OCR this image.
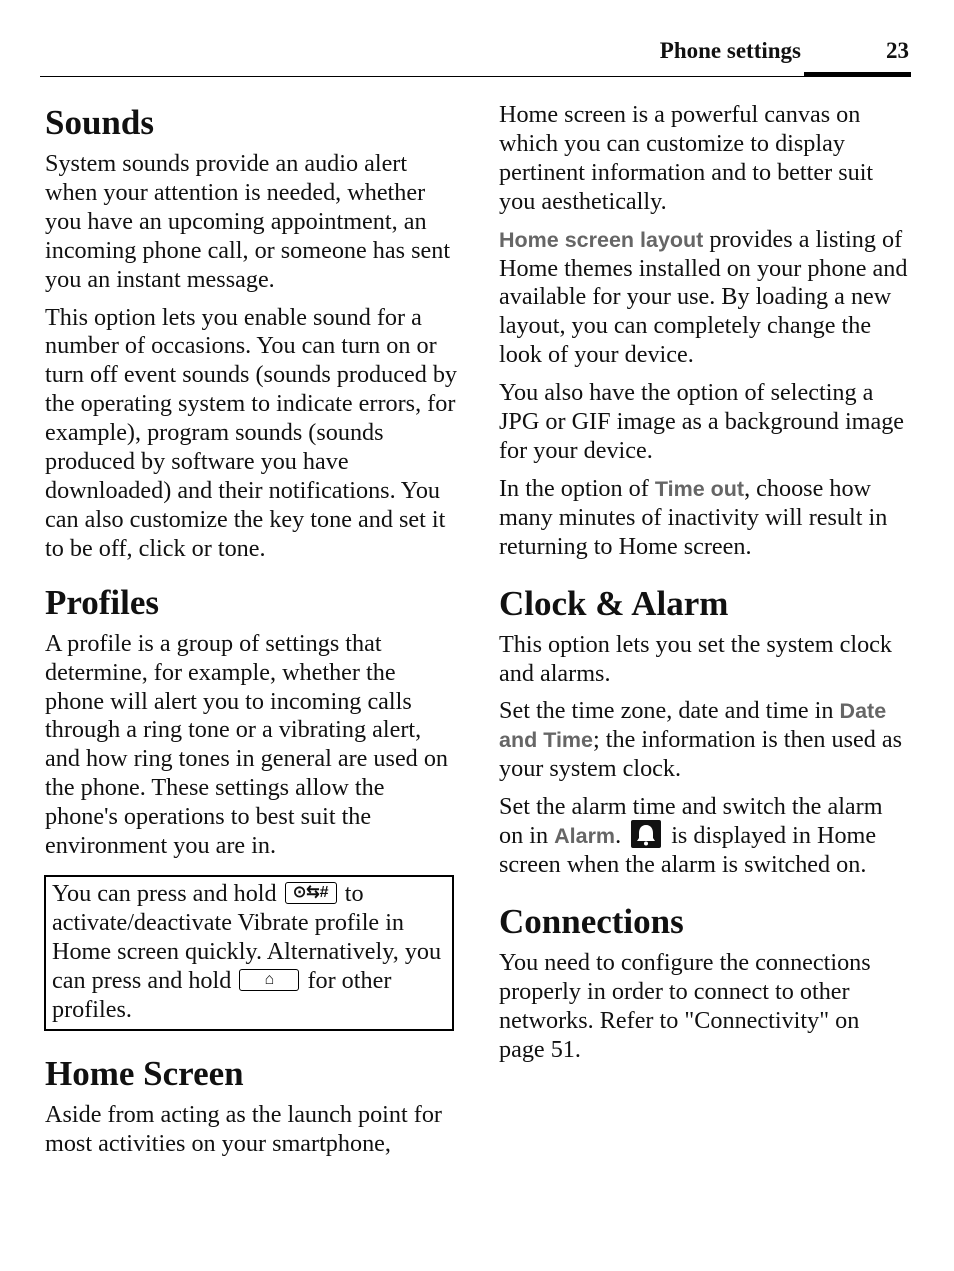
Phone settings	23
Sounds

System sounds provide an audio alert when your attention is needed, whether you have an upcoming appointment, an incoming phone call, or someone has sent you an instant message.

This option lets you enable sound for a number of occasions. You can turn on or turn off event sounds (sounds produced by the operating system to indicate errors, for example), program sounds (sounds produced by software you have downloaded) and their notifications. You can also customize the key tone and set it to be off, click or tone.

Profiles

A profile is a group of settings that determine, for example, whether the phone will alert you to incoming calls through a ring tone or a vibrating alert, and how ring tones in general are used on the phone. These settings allow the phone's operations to best suit the environment you are in.

You can press and hold ⊙⇆# to activate/deactivate Vibrate profile in Home screen quickly. Alternatively, you can press and hold ⌂ for other profiles.

Home Screen

Aside from acting as the launch point for most activities on your smartphone,

Home screen is a powerful canvas on which you can customize to display pertinent information and to better suit you aesthetically.

Home screen layout provides a listing of Home themes installed on your phone and available for your use. By loading a new layout, you can completely change the look of your device.

You also have the option of selecting a JPG or GIF image as a background image for your device.

In the option of Time out, choose how many minutes of inactivity will result in returning to Home screen.

Clock & Alarm

This option lets you set the system clock and alarms.

Set the time zone, date and time in Date and Time; the information is then used as your system clock.

Set the alarm time and switch the alarm on in Alarm.
is displayed in Home screen when the alarm is switched on.

Connections

You need to configure the connections properly in order to connect to other networks. Refer to "Connectivity" on page 51.
